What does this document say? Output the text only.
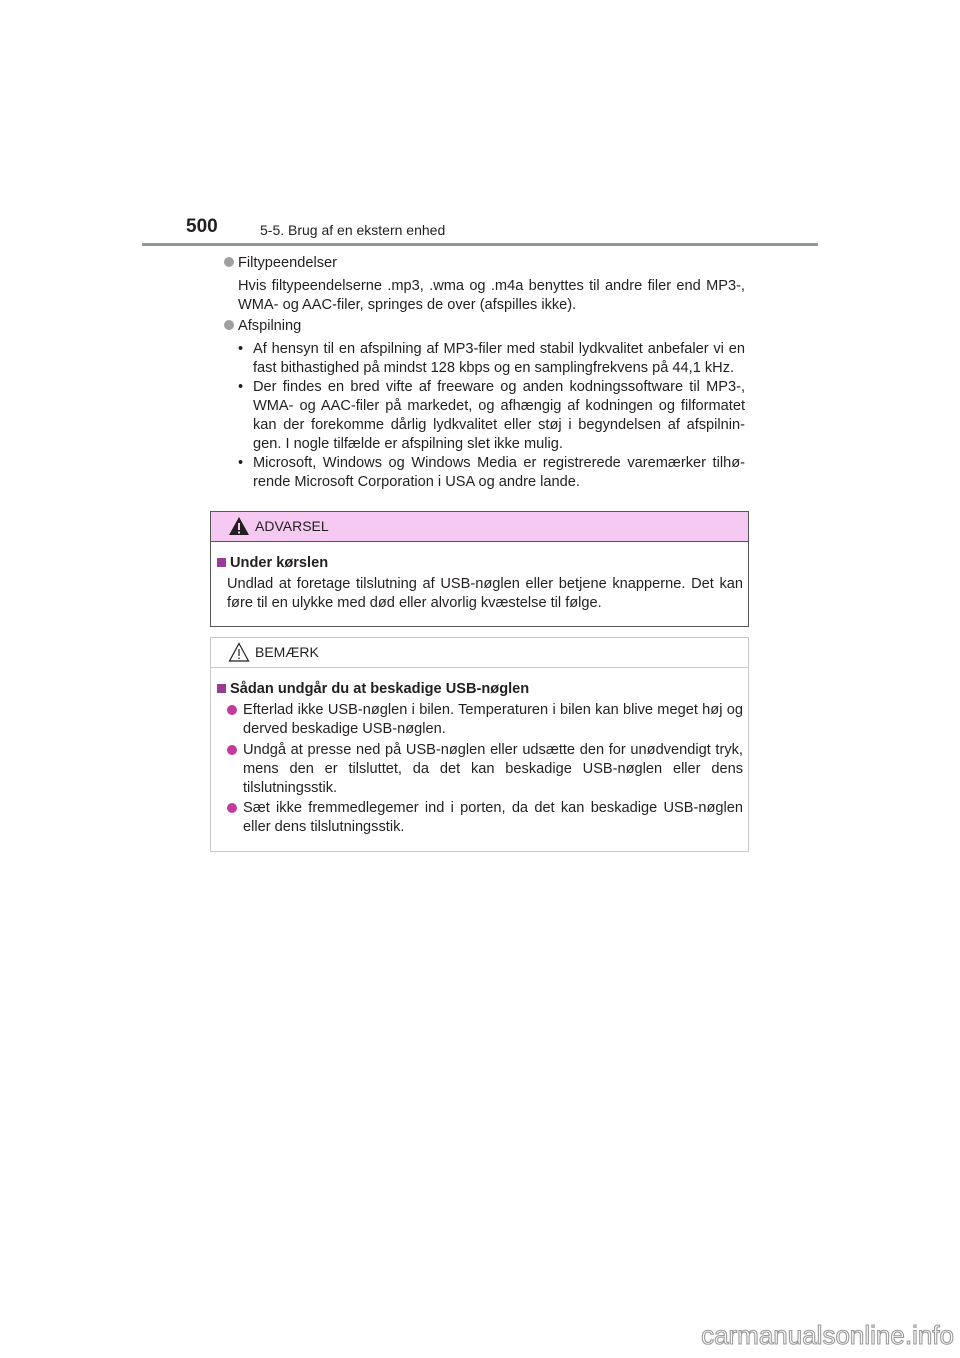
500	5-5. Brug af en ekstern enhed
Filtypeendelser
Hvis filtypeendelserne .mp3, .wma og .m4a benyttes til andre filer end MP3-, WMA- og AAC-filer, springes de over (afspilles ikke).
Afspilning
• Af hensyn til en afspilning af MP3-filer med stabil lydkvalitet anbefaler vi en fast bithastighed på mindst 128 kbps og en samplingfrekvens på 44,1 kHz.
• Der findes en bred vifte af freeware og anden kodningssoftware til MP3-, WMA- og AAC-filer på markedet, og afhængig af kodningen og filformatet kan der forekomme dårlig lydkvalitet eller støj i begyndelsen af afspilnin-gen. I nogle tilfælde er afspilning slet ikke mulig.
• Microsoft, Windows og Windows Media er registrerede varemærker tilhø-rende Microsoft Corporation i USA og andre lande.
ADVARSEL
Under kørslen
Undlad at foretage tilslutning af USB-nøglen eller betjene knapperne. Det kan føre til en ulykke med død eller alvorlig kvæstelse til følge.
BEMÆRK
Sådan undgår du at beskadige USB-nøglen
Efterlad ikke USB-nøglen i bilen. Temperaturen i bilen kan blive meget høj og derved beskadige USB-nøglen.
Undgå at presse ned på USB-nøglen eller udsætte den for unødvendigt tryk, mens den er tilsluttet, da det kan beskadige USB-nøglen eller dens tilslutningsstik.
Sæt ikke fremmedlegemer ind i porten, da det kan beskadige USB-nøglen eller dens tilslutningsstik.
carmanualsonline.info
